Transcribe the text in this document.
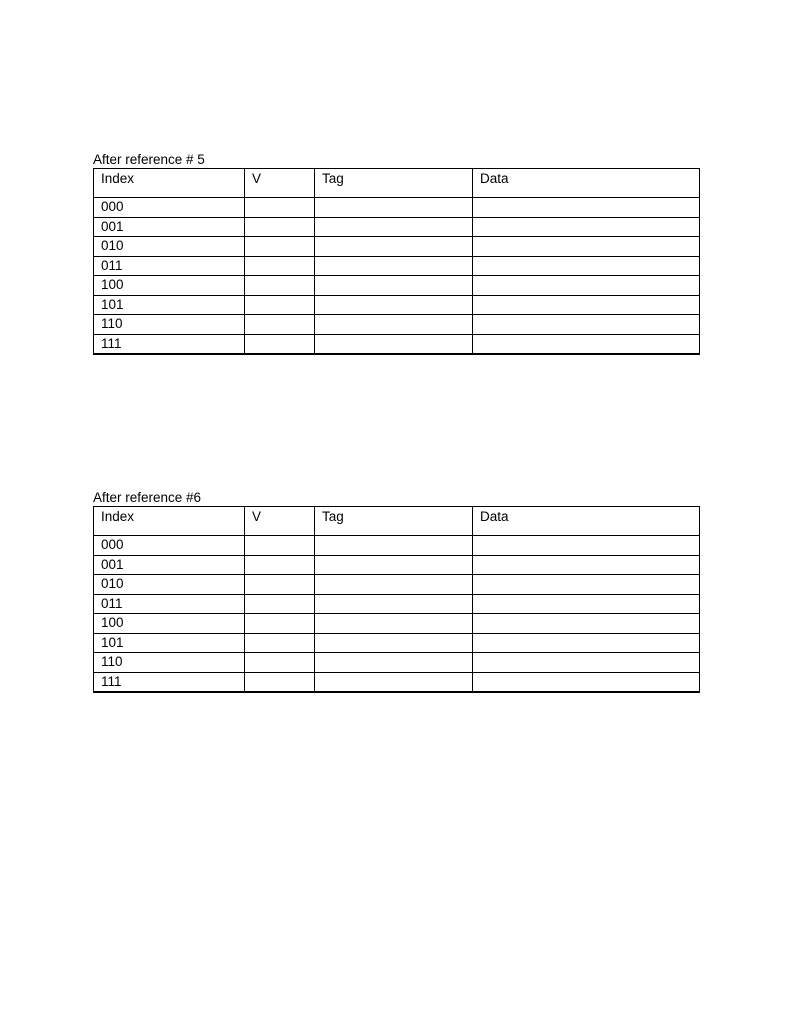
After reference # 5
Index	V	Tag	Data
000			
001			
010			
011			
100			
101			
110			
111			
After reference #6
Index	V	Tag	Data
000			
001			
010			
011			
100			
101			
110			
111			
